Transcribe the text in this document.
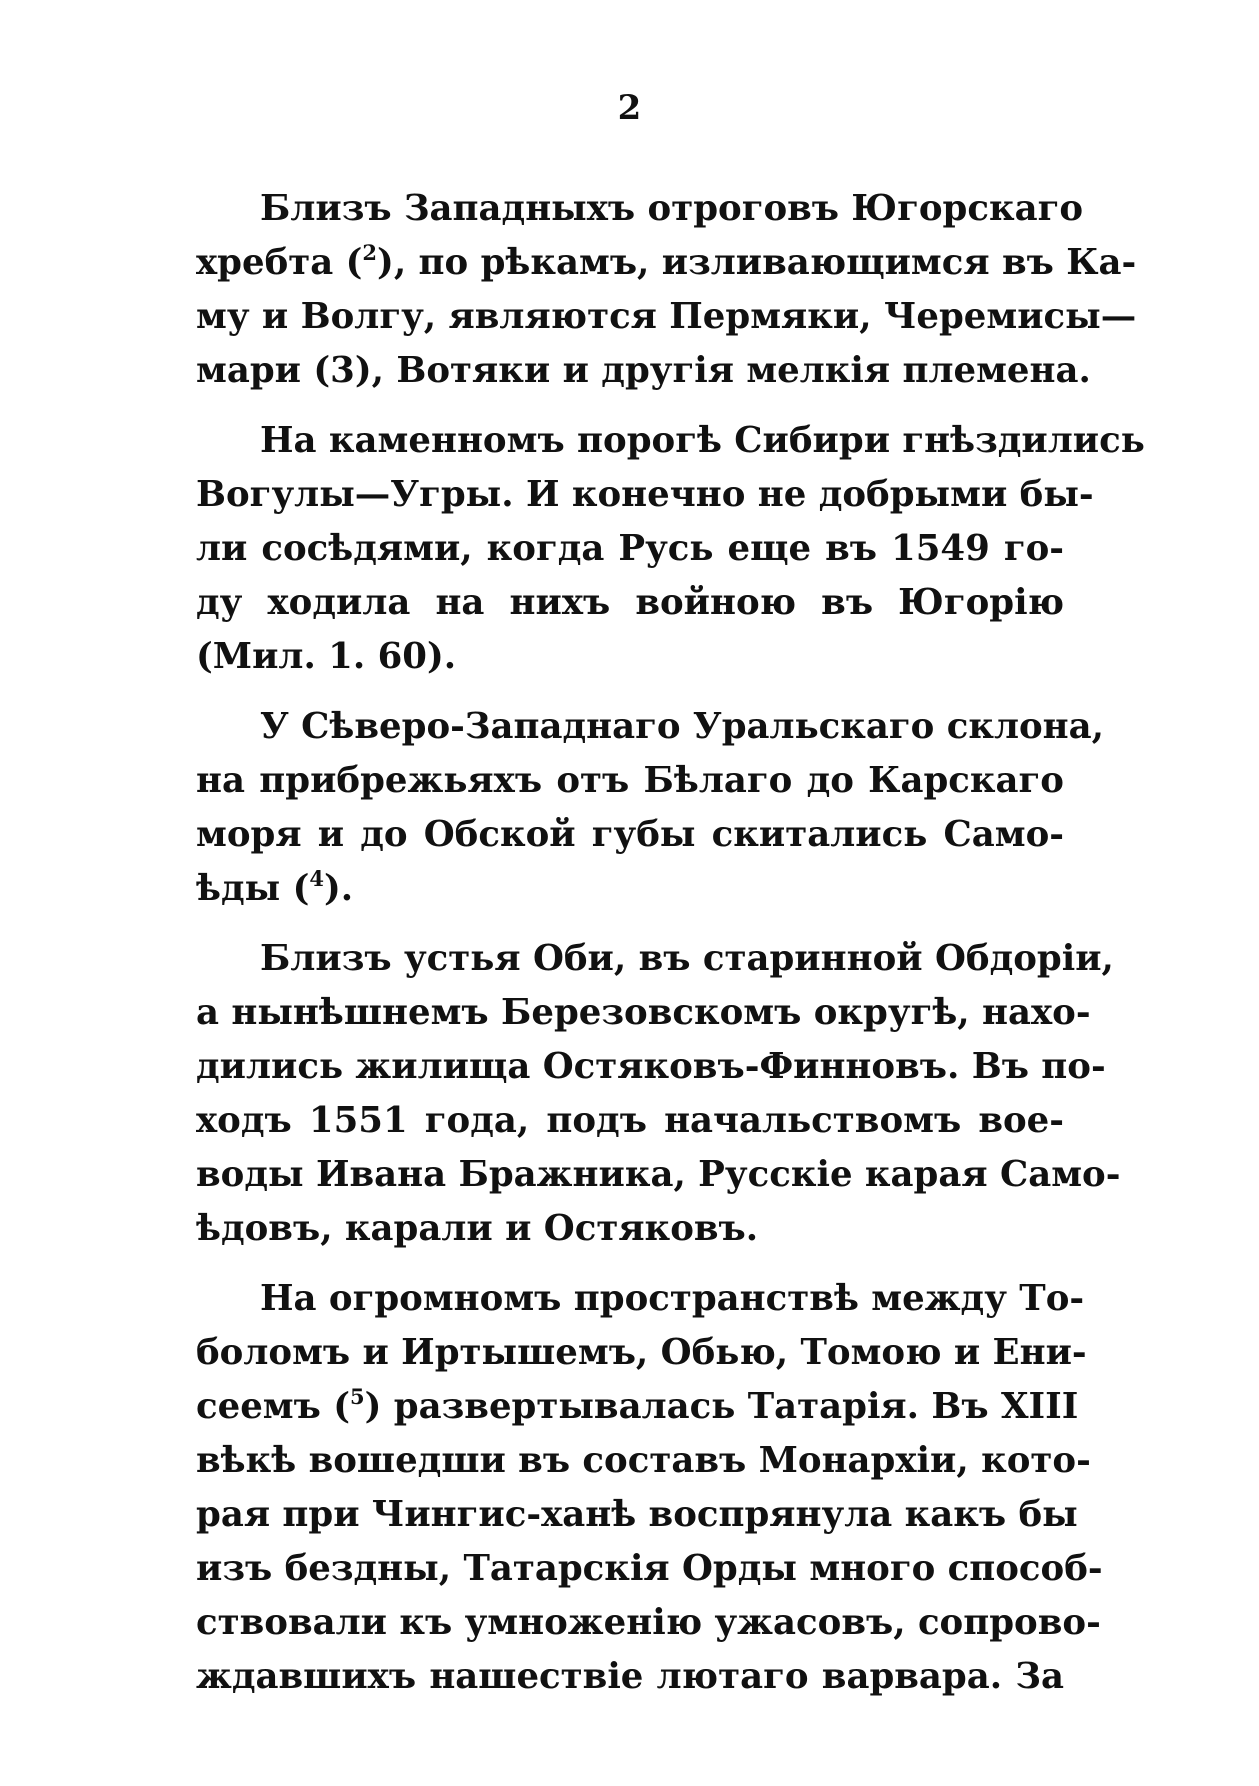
2

Близъ Западныхъ отроговъ Югорскаго
хребта ($^2$), по рѣкамъ, изливающимся въ Ка-
му и Волгу, являются Пермяки, Черемисы—
мари (3), Вотяки и другія мелкія племена.

На каменномъ порогѣ Сибири гнѣздились
Вогулы—Угры. И конечно не добрыми бы-
ли сосѣдями, когда Русь еще въ 1549 го-
ду ходила на нихъ войною въ Югорію
(Мил. 1. 60).

У Сѣверо-Западнаго Уральскаго склона,
на прибрежьяхъ отъ Бѣлаго до Карскаго
моря и до Обской губы скитались Само-
ѣды ($^4$).

Близъ устья Оби, въ старинной Обдоріи,
а нынѣшнемъ Березовскомъ округѣ, нахо-
дились жилища Остяковъ-Финновъ. Въ по-
ходъ 1551 года, подъ начальствомъ вое-
воды Ивана Бражника, Русскіе карая Само-
ѣдовъ, карали и Остяковъ.

На огромномъ пространствѣ между То-
боломъ и Иртышемъ, Обью, Томою и Ени-
сеемъ ($^5$) развертывалась Татарія. Въ XIII
вѣкѣ вошедши въ составъ Монархіи, кото-
рая при Чингис-ханѣ воспрянула какъ бы
изъ бездны, Татарскія Орды много способ-
ствовали къ умноженію ужасовъ, сопрово-
ждавшихъ нашествіе лютаго варвара. За
